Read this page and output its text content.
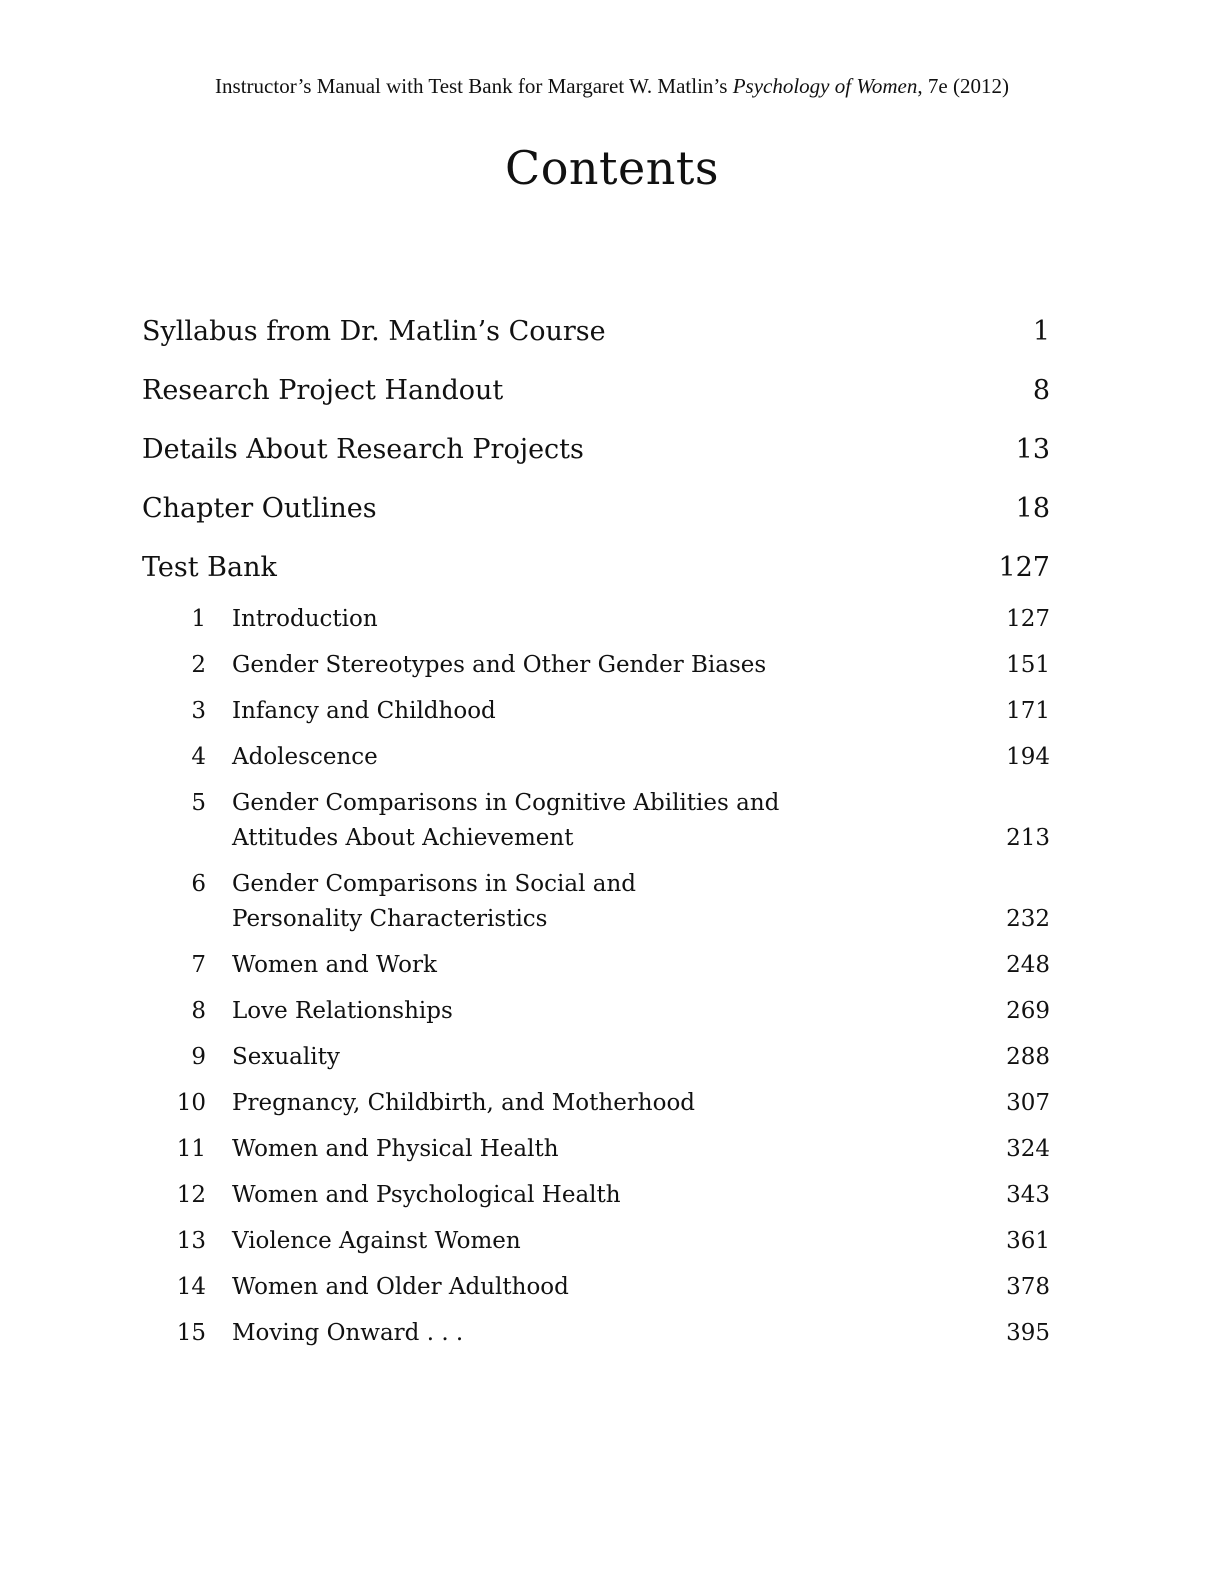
Instructor’s Manual with Test Bank for Margaret W. Matlin’s Psychology of Women, 7e (2012)
Contents
Syllabus from Dr. Matlin’s Course	1
Research Project Handout	8
Details About Research Projects	13
Chapter Outlines	18
Test Bank	127
1 Introduction	127
2 Gender Stereotypes and Other Gender Biases	151
3 Infancy and Childhood	171
4 Adolescence	194
5 Gender Comparisons in Cognitive Abilities and
Attitudes About Achievement	213
6 Gender Comparisons in Social and
Personality Characteristics	232
7 Women and Work	248
8 Love Relationships	269
9 Sexuality	288
10 Pregnancy, Childbirth, and Motherhood	307
11 Women and Physical Health	324
12 Women and Psychological Health	343
13 Violence Against Women	361
14 Women and Older Adulthood	378
15 Moving Onward . . .	395
